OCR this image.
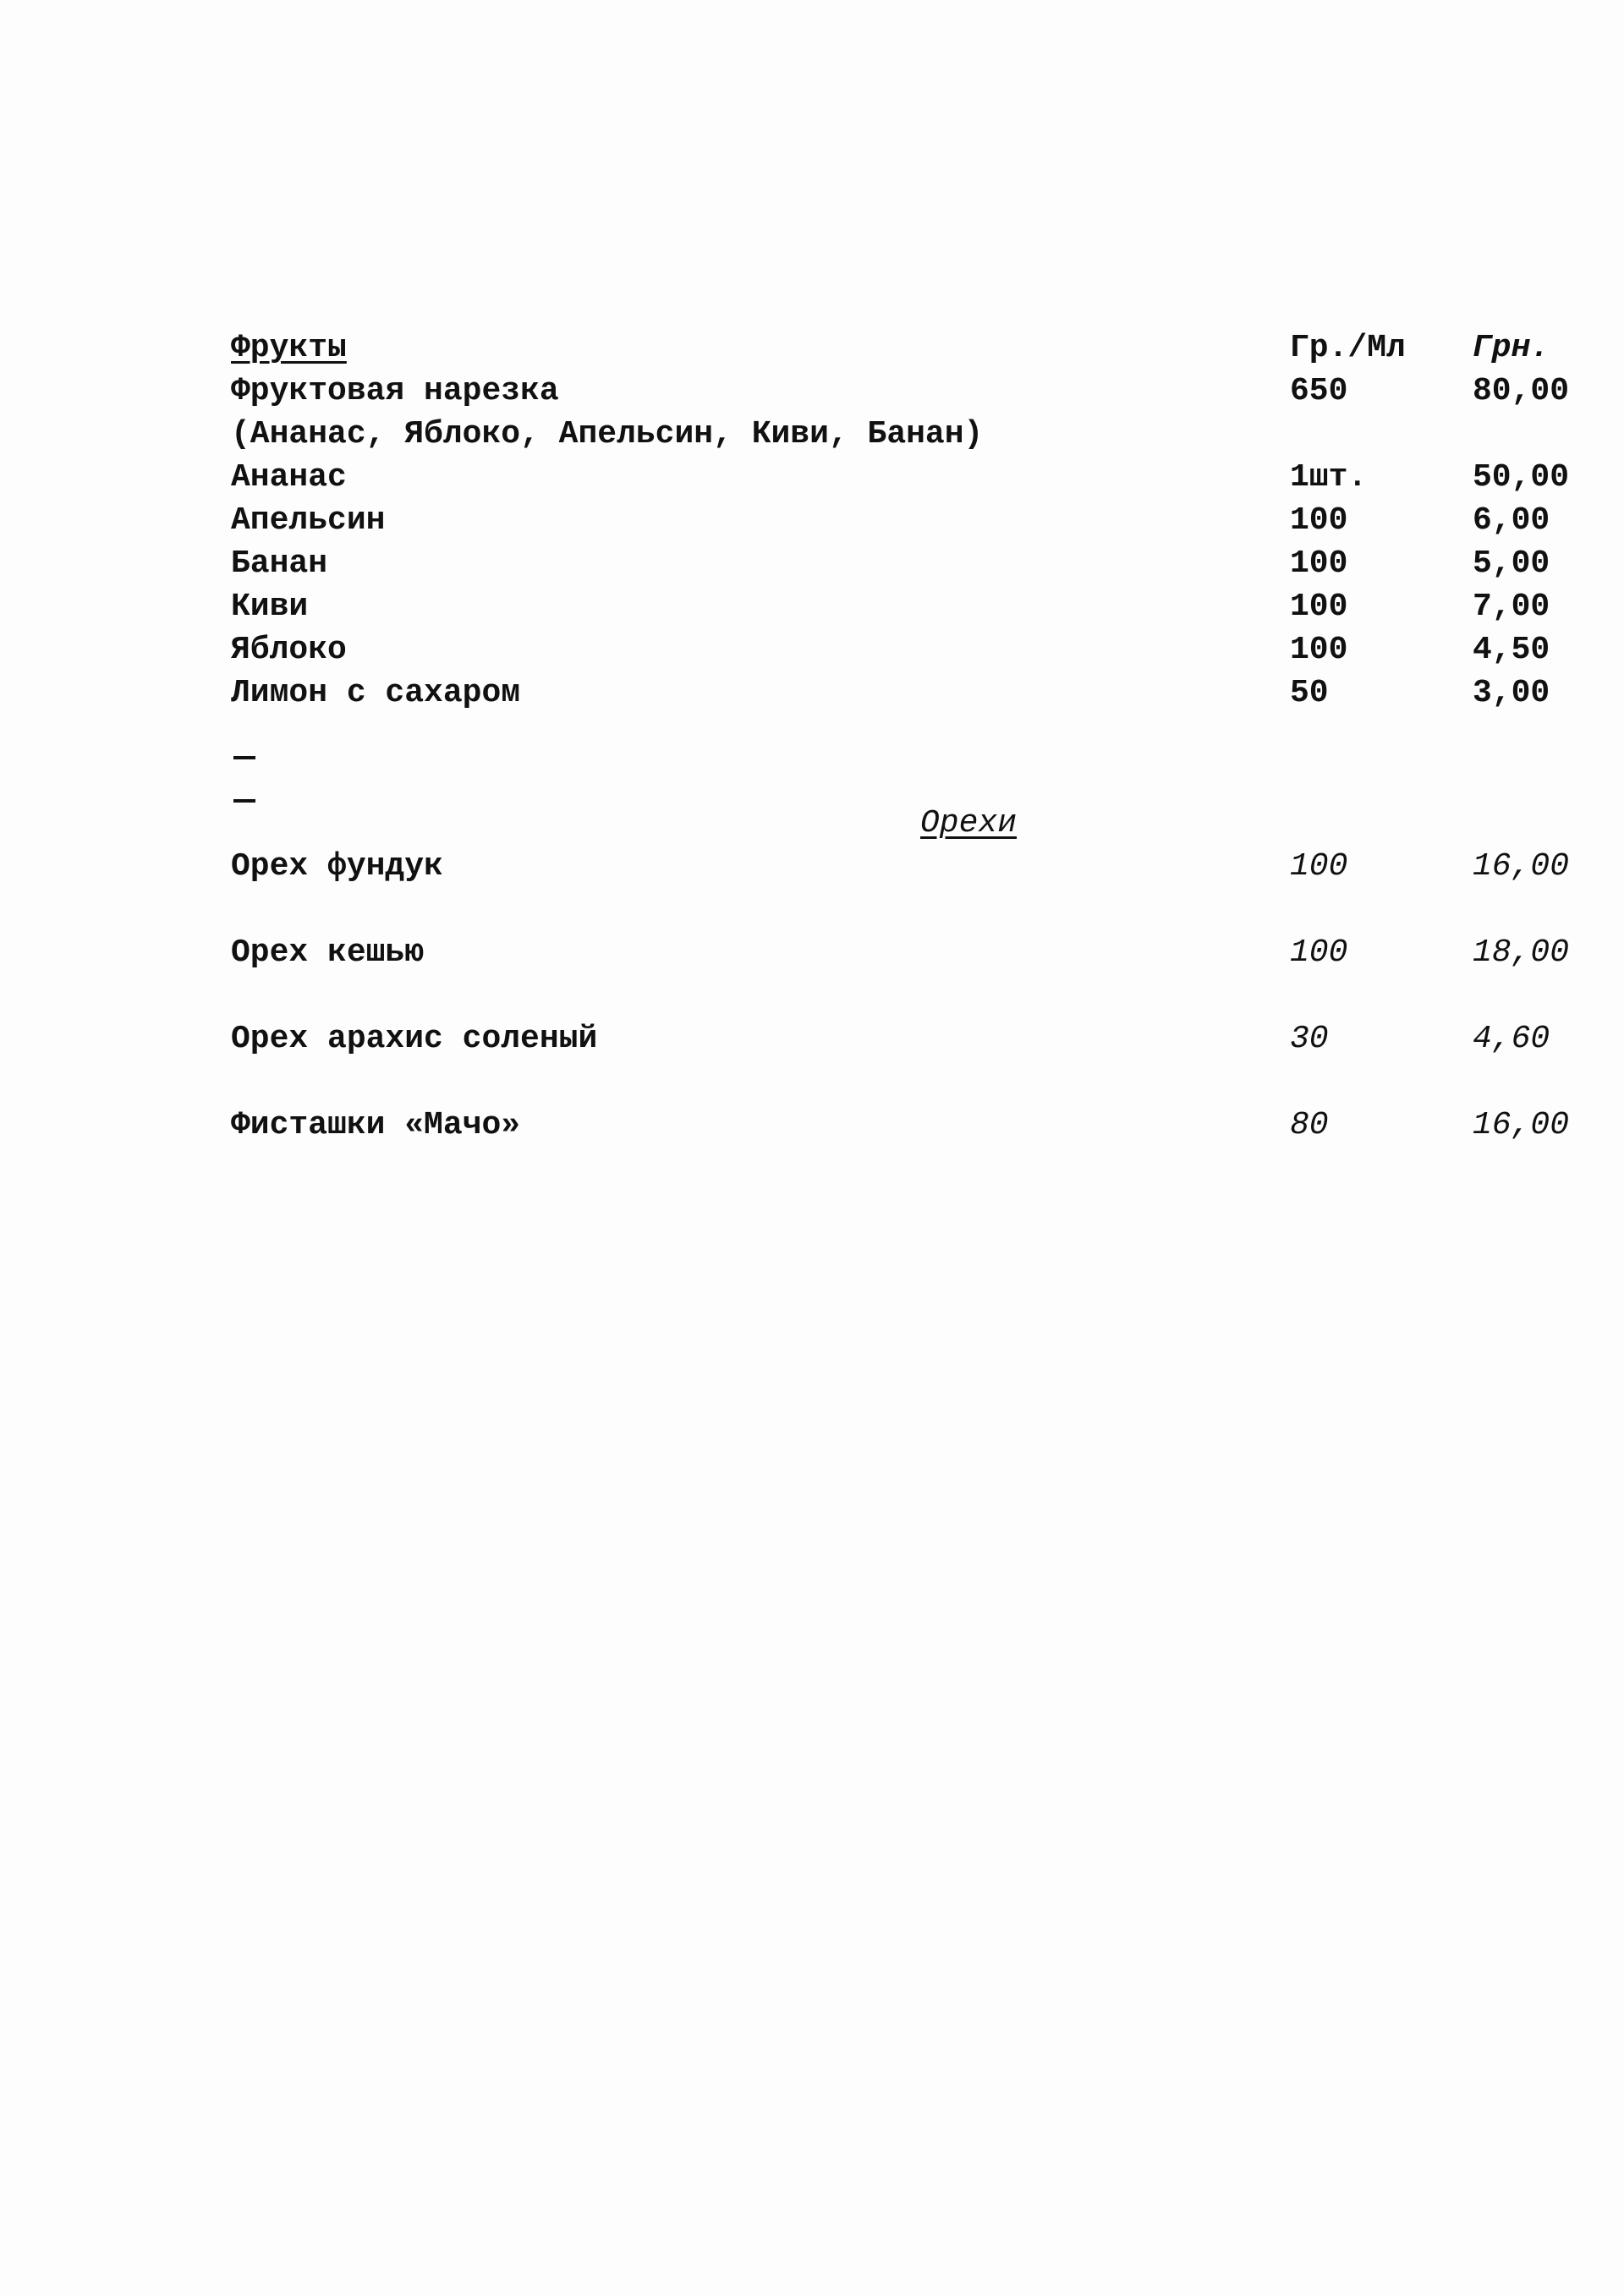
Фрукты	Гр./Мл Грн.
Фруктовая нарезка	650	80,00
(Ананас, Яблоко, Апельсин, Киви, Банан)
Ананас	1шт.	50,00
Апельсин	100	6,00
Банан	100	5,00
Киви	100	7,00
Яблоко	100	4,50
Лимон с сахаром	50	3,00
Орехи
Орех фундук	100	16,00
Орех кешью	100	18,00
Орех арахис соленый	30	4,60
Фисташки «Мачо»	80	16,00
